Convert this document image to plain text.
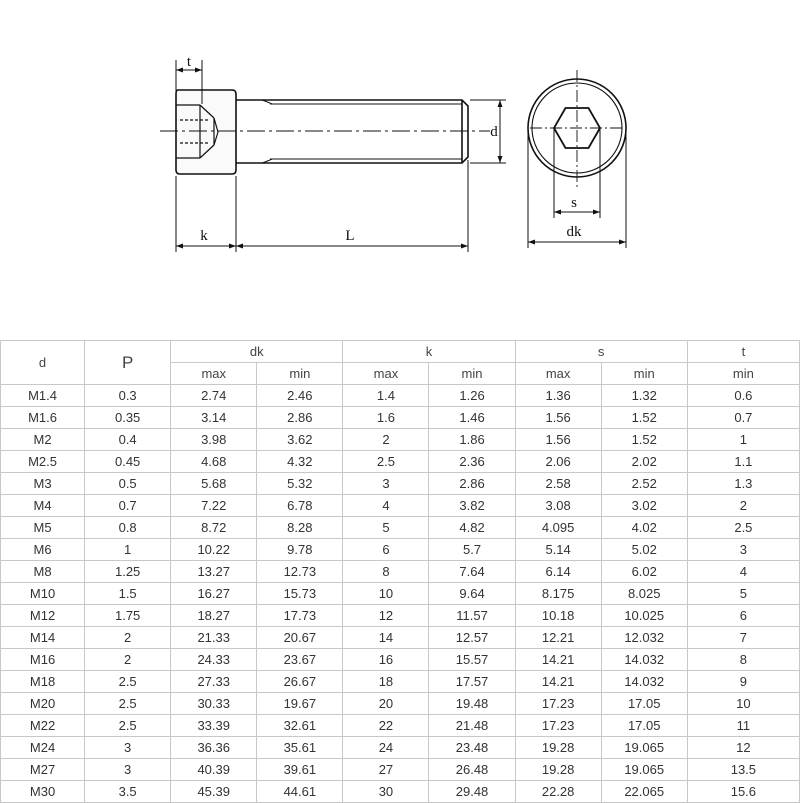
t
k	L
d
s
dk
d	P	dk		k		s		t
		max	min	max	min	max	min	min
M1.4	0.3	2.74	2.46	1.4	1.26	1.36	1.32	0.6
M1.6	0.35	3.14	2.86	1.6	1.46	1.56	1.52	0.7
M2	0.4	3.98	3.62	2	1.86	1.56	1.52	1
M2.5	0.45	4.68	4.32	2.5	2.36	2.06	2.02	1.1
M3	0.5	5.68	5.32	3	2.86	2.58	2.52	1.3
M4	0.7	7.22	6.78	4	3.82	3.08	3.02	2
M5	0.8	8.72	8.28	5	4.82	4.095	4.02	2.5
M6	1	10.22	9.78	6	5.7	5.14	5.02	3
M8	1.25	13.27	12.73	8	7.64	6.14	6.02	4
M10	1.5	16.27	15.73	10	9.64	8.175	8.025	5
M12	1.75	18.27	17.73	12	11.57	10.18	10.025	6
M14	2	21.33	20.67	14	12.57	12.21	12.032	7
M16	2	24.33	23.67	16	15.57	14.21	14.032	8
M18	2.5	27.33	26.67	18	17.57	14.21	14.032	9
M20	2.5	30.33	19.67	20	19.48	17.23	17.05	10
M22	2.5	33.39	32.61	22	21.48	17.23	17.05	11
M24	3	36.36	35.61	24	23.48	19.28	19.065	12
M27	3	40.39	39.61	27	26.48	19.28	19.065	13.5
M30	3.5	45.39	44.61	30	29.48	22.28	22.065	15.6
